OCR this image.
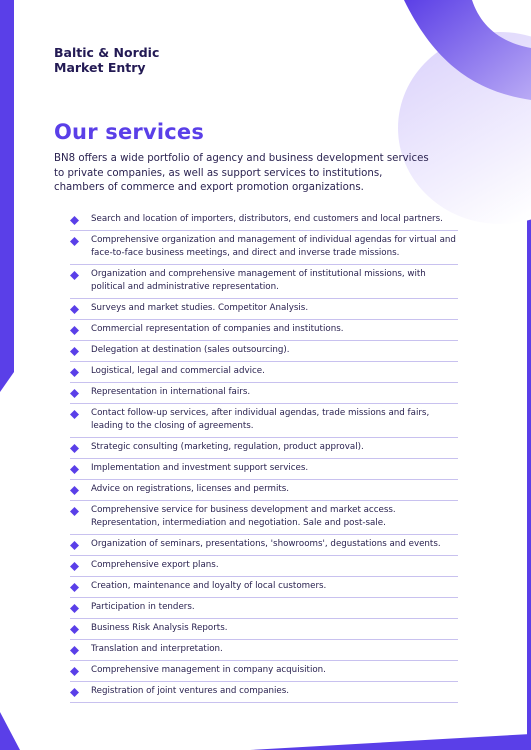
Baltic & Nordic
Market Entry
Our services

BN8 offers a wide portfolio of agency and business development services to private companies, as well as support services to institutions, chambers of commerce and export promotion organizations.

Search and location of importers, distributors, end customers and local partners.
Comprehensive organization and management of individual agendas for virtual and face-to-face business meetings, and direct and inverse trade missions.
Organization and comprehensive management of institutional missions, with political and administrative representation.
Surveys and market studies. Competitor Analysis.
Commercial representation of companies and institutions.
Delegation at destination (sales outsourcing).
Logistical, legal and commercial advice.
Representation in international fairs.
Contact follow-up services, after individual agendas, trade missions and fairs, leading to the closing of agreements.
Strategic consulting (marketing, regulation, product approval).
Implementation and investment support services.
Advice on registrations, licenses and permits.
Comprehensive service for business development and market access. Representation, intermediation and negotiation. Sale and post-sale.
Organization of seminars, presentations, 'showrooms', degustations and events.
Comprehensive export plans.
Creation, maintenance and loyalty of local customers.
Participation in tenders.
Business Risk Analysis Reports.
Translation and interpretation.
Comprehensive management in company acquisition.
Registration of joint ventures and companies.
